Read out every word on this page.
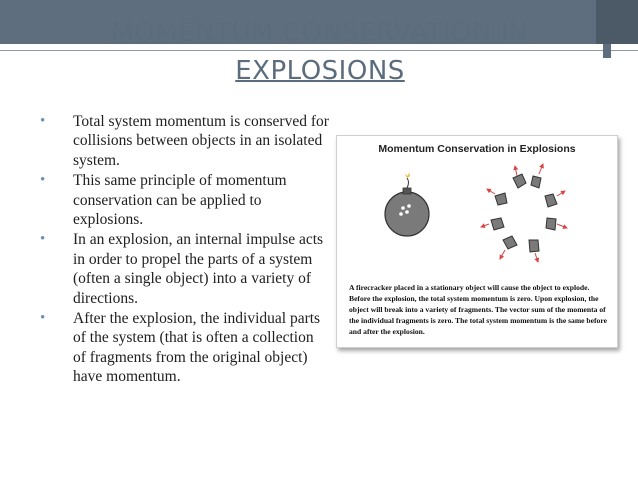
MOMENTUM CONSERVATION IN
EXPLOSIONS
• Total system momentum is conserved for collisions between objects in an isolated system.
• This same principle of momentum conservation can be applied to explosions.
• In an explosion, an internal impulse acts in order to propel the parts of a system (often a single object) into a variety of directions.
• After the explosion, the individual parts of the system (that is often a collection of fragments from the original object) have momentum.
Momentum Conservation in Explosions
A firecracker placed in a stationary object will cause the object to explode. Before the explosion, the total system momentum is zero. Upon explosion, the object will break into a variety of fragments. The vector sum of the momenta of the individual fragments is zero. The total system momentum is the same before and after the explosion.
